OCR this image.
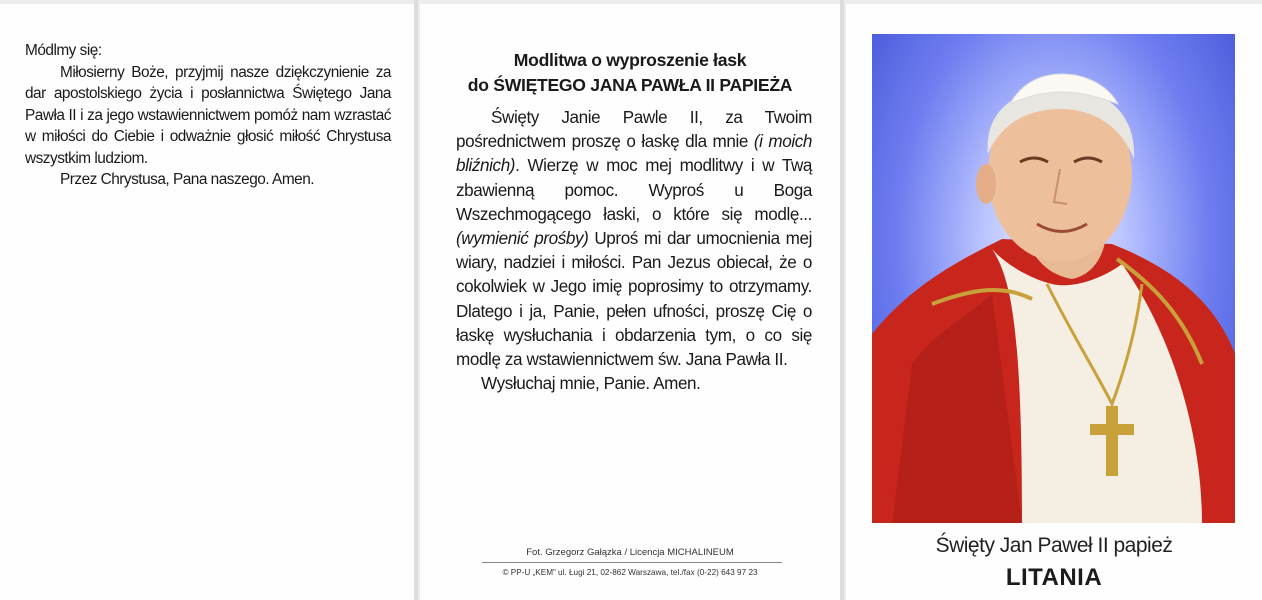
Módlmy się:

Miłosierny Boże, przyjmij nasze dziękczynienie za dar apostolskiego życia i posłannictwa Świętego Jana Pawła II i za jego wstawiennictwem pomóż nam wzrastać w miłości do Ciebie i odważnie głosić miłość Chrystusa wszystkim ludziom.

Przez Chrystusa, Pana naszego. Amen.

Modlitwa o wyproszenie łask
do ŚWIĘTEGO JANA PAWŁA II PAPIEŻA

Święty Janie Pawle II, za Twoim pośrednictwem proszę o łaskę dla mnie (i moich bliźnich). Wierzę w moc mej modlitwy i w Twą zbawienną pomoc. Wyproś u Boga Wszechmogącego łaski, o które się modlę... (wymienić prośby) Uproś mi dar umocnienia mej wiary, nadziei i miłości. Pan Jezus obiecał, że o cokolwiek w Jego imię poprosimy to otrzymamy. Dlatego i ja, Panie, pełen ufności, proszę Cię o łaskę wysłuchania i obdarzenia tym, o co się modlę za wstawiennictwem św. Jana Pawła II.

Wysłuchaj mnie, Panie. Amen.

Fot. Grzegorz Gałązka / Licencja MICHALINEUM
© PP-U „KEM” ul. Ługi 21, 02-862 Warszawa, tel./fax (0-22) 643 97 23
Święty Jan Paweł II papież
LITANIA
